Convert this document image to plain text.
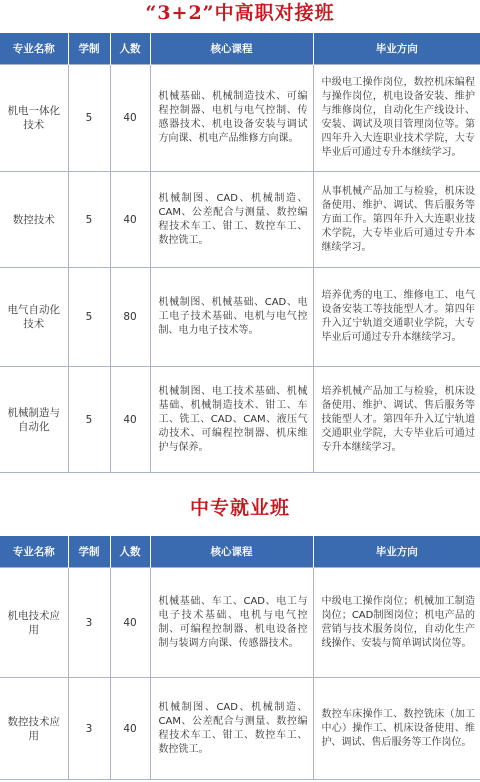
“3+2”中高职对接班
专业名称	学制	人数	核心课程	毕业方向
机电一体化技术	5	40	机械基础、机械制造技术、可编程控制器、电机与电气控制、传感器技术、机电设备安装与调试方向课、机电产品维修方向课。	中级电工操作岗位，数控机床编程与操作岗位，机电设备安装、维护与维修岗位，自动化生产线设计、安装、调试及项目管理岗位等。第四年升入大连职业技术学院，大专毕业后可通过专升本继续学习。
数控技术	5	40	机械制图、CAD、机械制造、CAM、公差配合与测量、数控编程技术车工、钳工、数控车工、数控铣工。	从事机械产品加工与检验，机床设备使用、维护、调试、售后服务等方面工作。第四年升入大连职业技术学院，大专毕业后可通过专升本继续学习。
电气自动化技术	5	80	机械制图、机械基础、CAD、电工电子技术基础、电机与电气控制、电力电子技术等。	培养优秀的电工、维修电工、电气设备安装工等技能型人才。第四年升入辽宁轨道交通职业学院，大专毕业后可通过专升本继续学习。
机械制造与自动化	5	40	机械制图、电工技术基础、机械基础、机械制造技术、钳工、车工、铣工、CAD、CAM、液压气动技术、可编程控制器、机床维护与保养。	培养机械产品加工与检验，机床设备使用、维护、调试、售后服务等技能型人才。第四年升入辽宁轨道交通职业学院，大专毕业后可通过专升本继续学习。
中专就业班
专业名称	学制	人数	核心课程	毕业方向
机电技术应用	3	40	机械基础、车工、CAD、电工与电子技术基础、电机与电气控制、可编程控制器、机电设备控制与装调方向课、传感器技术。	中级电工操作岗位；机械加工制造岗位；CAD制图岗位；机电产品的营销与技术服务岗位，自动化生产线操作、安装与简单调试岗位等。
数控技术应用	3	40	机械制图、CAD、机械制造、CAM、公差配合与测量、数控编程技术车工、钳工、数控车工、数控铣工。	数控车床操作工、数控铣床（加工中心）操作工、机床设备使用、维护、调试、售后服务等工作岗位。
